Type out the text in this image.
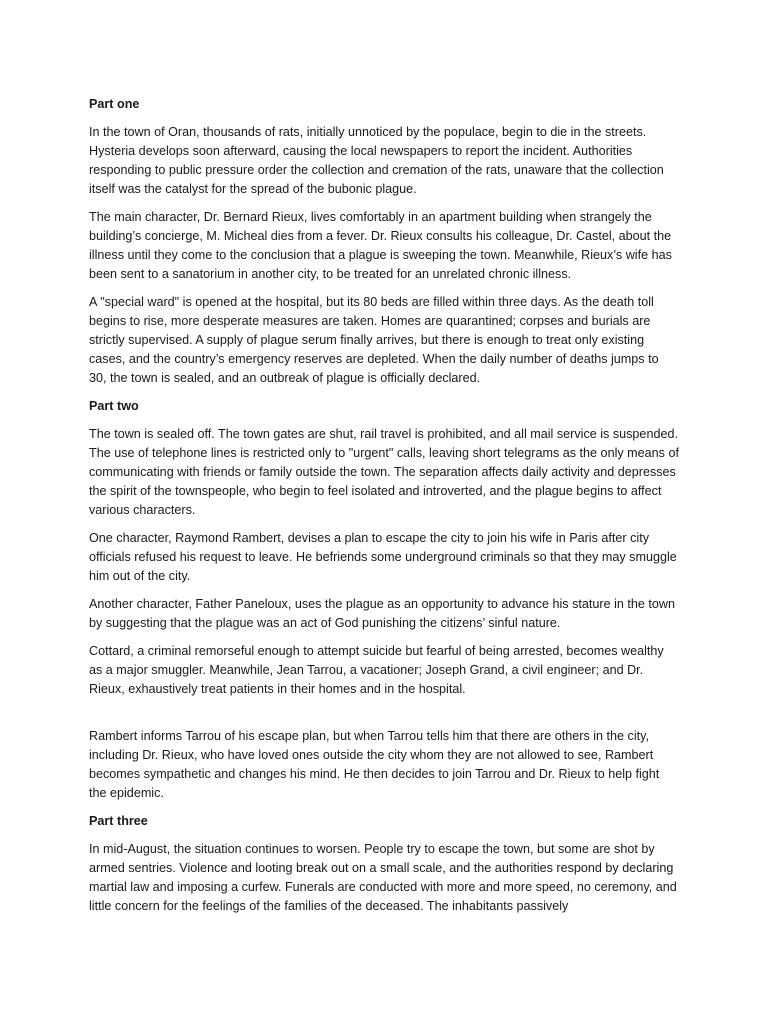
Part one

In the town of Oran, thousands of rats, initially unnoticed by the populace, begin to die in the streets. Hysteria develops soon afterward, causing the local newspapers to report the incident. Authorities responding to public pressure order the collection and cremation of the rats, unaware that the collection itself was the catalyst for the spread of the bubonic plague.

The main character, Dr. Bernard Rieux, lives comfortably in an apartment building when strangely the building’s concierge, M. Micheal dies from a fever. Dr. Rieux consults his colleague, Dr. Castel, about the illness until they come to the conclusion that a plague is sweeping the town. Meanwhile, Rieux’s wife has been sent to a sanatorium in another city, to be treated for an unrelated chronic illness.

A "special ward" is opened at the hospital, but its 80 beds are filled within three days. As the death toll begins to rise, more desperate measures are taken. Homes are quarantined; corpses and burials are strictly supervised. A supply of plague serum finally arrives, but there is enough to treat only existing cases, and the country’s emergency reserves are depleted. When the daily number of deaths jumps to 30, the town is sealed, and an outbreak of plague is officially declared.

Part two

The town is sealed off. The town gates are shut, rail travel is prohibited, and all mail service is suspended. The use of telephone lines is restricted only to "urgent" calls, leaving short telegrams as the only means of communicating with friends or family outside the town. The separation affects daily activity and depresses the spirit of the townspeople, who begin to feel isolated and introverted, and the plague begins to affect various characters.

One character, Raymond Rambert, devises a plan to escape the city to join his wife in Paris after city officials refused his request to leave. He befriends some underground criminals so that they may smuggle him out of the city.

Another character, Father Paneloux, uses the plague as an opportunity to advance his stature in the town by suggesting that the plague was an act of God punishing the citizens’ sinful nature.

Cottard, a criminal remorseful enough to attempt suicide but fearful of being arrested, becomes wealthy as a major smuggler. Meanwhile, Jean Tarrou, a vacationer; Joseph Grand, a civil engineer; and Dr. Rieux, exhaustively treat patients in their homes and in the hospital.

Rambert informs Tarrou of his escape plan, but when Tarrou tells him that there are others in the city, including Dr. Rieux, who have loved ones outside the city whom they are not allowed to see, Rambert becomes sympathetic and changes his mind. He then decides to join Tarrou and Dr. Rieux to help fight the epidemic.

Part three

In mid-August, the situation continues to worsen. People try to escape the town, but some are shot by armed sentries. Violence and looting break out on a small scale, and the authorities respond by declaring martial law and imposing a curfew. Funerals are conducted with more and more speed, no ceremony, and little concern for the feelings of the families of the deceased. The inhabitants passively
